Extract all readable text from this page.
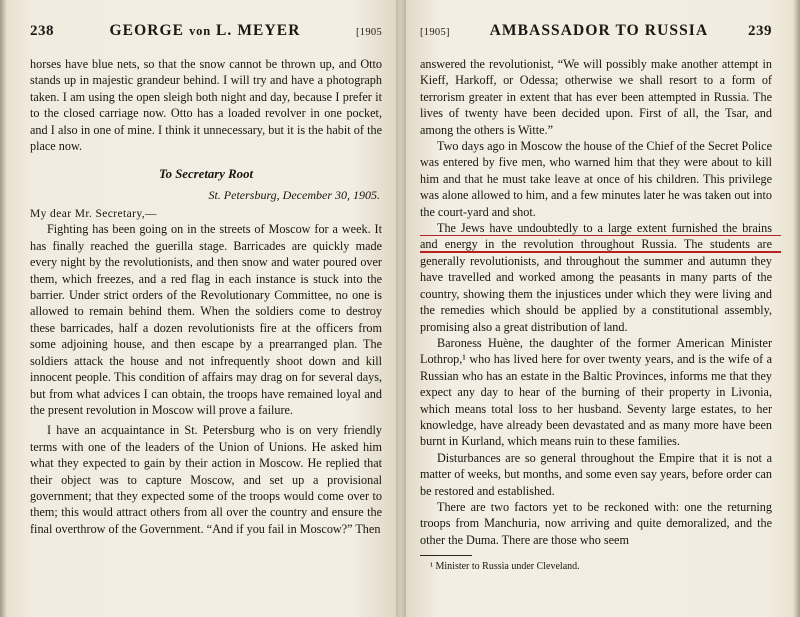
238	GEORGE von L. MEYER	[1905

horses have blue nets, so that the snow cannot be thrown up, and Otto stands up in majestic grandeur behind. I will try and have a photograph taken. I am using the open sleigh both night and day, because I prefer it to the closed carriage now. Otto has a loaded revolver in one pocket, and I also in one of mine. I think it unnecessary, but it is the habit of the place now.

To Secretary Root
St. Petersburg, December 30, 1905.
My dear Mr. Secretary,—

Fighting has been going on in the streets of Moscow for a week. It has finally reached the guerilla stage. Barricades are quickly made every night by the revolutionists, and then snow and water poured over them, which freezes, and a red flag in each instance is stuck into the barrier. Under strict orders of the Revolutionary Committee, no one is allowed to remain behind them. When the soldiers come to destroy these barricades, half a dozen revolutionists fire at the officers from some adjoining house, and then escape by a prearranged plan. The soldiers attack the house and not infrequently shoot down and kill innocent people. This condition of affairs may drag on for several days, but from what advices I can obtain, the troops have remained loyal and the present revolution in Moscow will prove a failure.

I have an acquaintance in St. Petersburg who is on very friendly terms with one of the leaders of the Union of Unions. He asked him what they expected to gain by their action in Moscow. He replied that their object was to capture Moscow, and set up a provisional government; that they expected some of the troops would come over to them; this would attract others from all over the country and ensure the final overthrow of the Government. “And if you fail in Moscow?” Then

[1905]	AMBASSADOR TO RUSSIA	239

answered the revolutionist, “We will possibly make another attempt in Kieff, Harkoff, or Odessa; otherwise we shall resort to a form of terrorism greater in extent that has ever been attempted in Russia. The lives of twenty have been decided upon. First of all, the Tsar, and among the others is Witte.”

Two days ago in Moscow the house of the Chief of the Secret Police was entered by five men, who warned him that they were about to kill him and that he must take leave at once of his children. This privilege was alone allowed to him, and a few minutes later he was taken out into the court-yard and shot.

The Jews have undoubtedly to a large extent furnished the brains and energy in the revolution throughout Russia. The students are generally revolutionists, and throughout the summer and autumn they have travelled and worked among the peasants in many parts of the country, showing them the injustices under which they were living and the remedies which should be applied by a constitutional assembly, promising also a great distribution of land.

Baroness Huène, the daughter of the former American Minister Lothrop,¹ who has lived here for over twenty years, and is the wife of a Russian who has an estate in the Baltic Provinces, informs me that they expect any day to hear of the burning of their property in Livonia, which means total loss to her husband. Seventy large estates, to her knowledge, have already been devastated and as many more have been burnt in Kurland, which means ruin to these families.

Disturbances are so general throughout the Empire that it is not a matter of weeks, but months, and some even say years, before order can be restored and established.

There are two factors yet to be reckoned with: one the returning troops from Manchuria, now arriving and quite demoralized, and the other the Duma. There are those who seem

¹ Minister to Russia under Cleveland.
